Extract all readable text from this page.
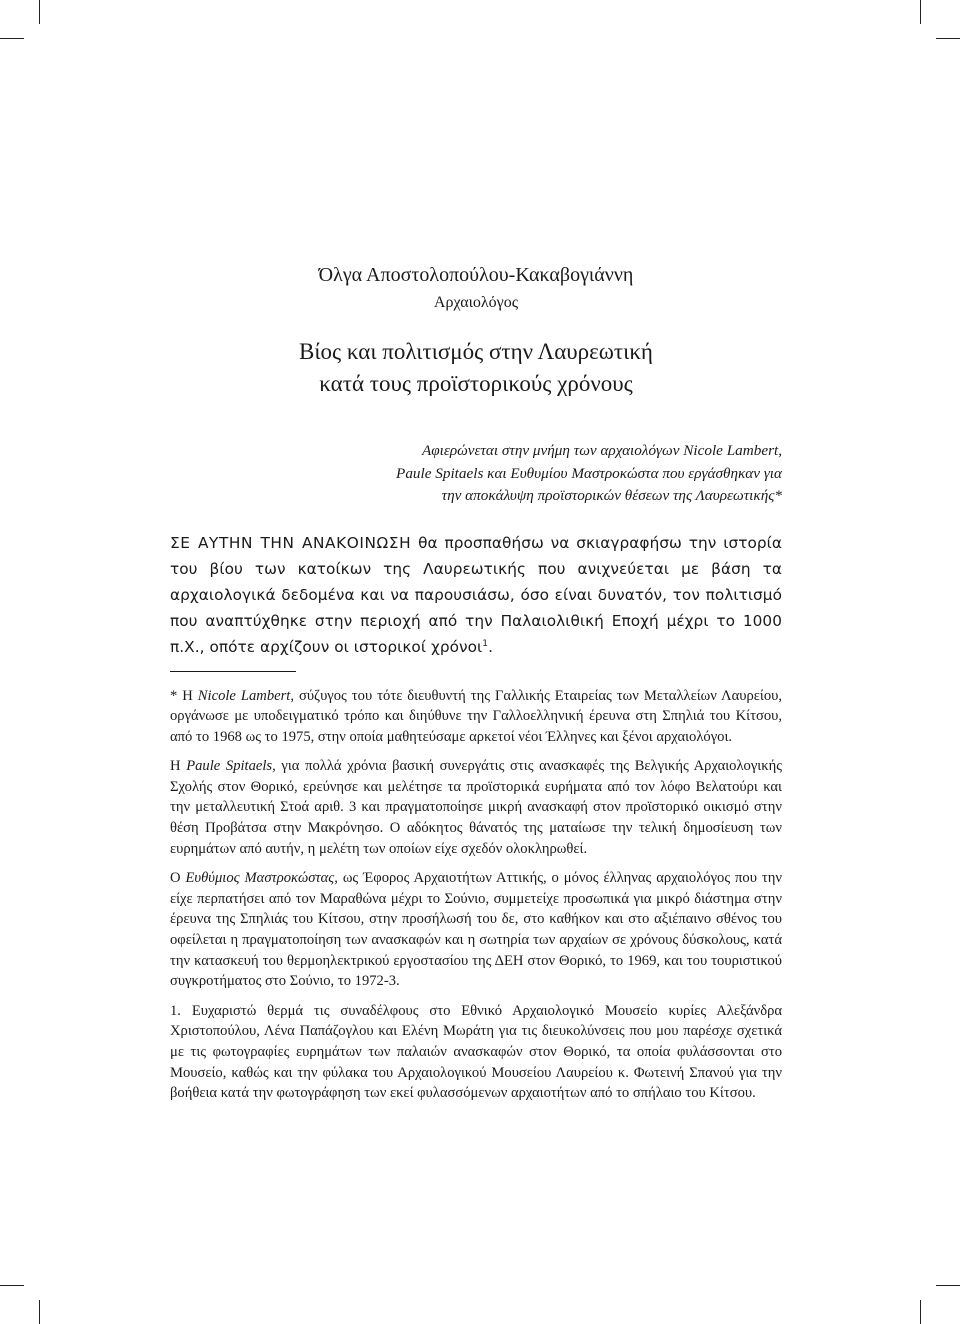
Όλγα Αποστολοπούλου-Κακαβογιάννη

Αρχαιολόγος

Βίος και πολιτισμός στην Λαυρεωτική
κατά τους προϊστορικούς χρόνους
Αφιερώνεται στην μνήμη των αρχαιολόγων Nicole Lambert,
Paule Spitaels και Ευθυμίου Μαστροκώστα που εργάσθηκαν για
την αποκάλυψη προϊστορικών θέσεων της Λαυρεωτικής*

ΣΕ ΑΥΤΗΝ ΤΗΝ ΑΝΑΚΟΙΝΩΣΗ θα προσπαθήσω να σκιαγραφήσω την ιστορία του βίου των κατοίκων της Λαυρεωτικής που ανιχνεύεται με βάση τα αρχαιολογικά δεδομένα και να παρουσιάσω, όσο είναι δυνατόν, τον πολιτισμό που αναπτύχθηκε στην περιοχή από την Παλαιολιθική Εποχή μέχρι το 1000 π.Χ., οπότε αρχίζουν οι ιστορικοί χρόνοι$^1$.

* Η Nicole Lambert, σύζυγος του τότε διευθυντή της Γαλλικής Εταιρείας των Μεταλλείων Λαυρείου, οργάνωσε με υποδειγματικό τρόπο και διηύθυνε την Γαλλοελληνική έρευνα στη Σπηλιά του Κίτσου, από το 1968 ως το 1975, στην οποία μαθητεύσαμε αρκετοί νέοι Έλληνες και ξένοι αρχαιολόγοι.

Η Paule Spitaels, για πολλά χρόνια βασική συνεργάτις στις ανασκαφές της Βελγικής Αρχαιολογικής Σχολής στον Θορικό, ερεύνησε και μελέτησε τα προϊστορικά ευρήματα από τον λόφο Βελατούρι και την μεταλλευτική Στοά αριθ. 3 και πραγματοποίησε μικρή ανασκαφή στον προϊστορικό οικισμό στην θέση Προβάτσα στην Μακρόνησο. Ο αδόκητος θάνατός της ματαίωσε την τελική δημοσίευση των ευρημάτων από αυτήν, η μελέτη των οποίων είχε σχεδόν ολοκληρωθεί.

Ο Ευθύμιος Μαστροκώστας, ως Έφορος Αρχαιοτήτων Αττικής, ο μόνος έλληνας αρχαιολόγος που την είχε περπατήσει από τον Μαραθώνα μέχρι το Σούνιο, συμμετείχε προσωπικά για μικρό διάστημα στην έρευνα της Σπηλιάς του Κίτσου, στην προσήλωσή του δε, στο καθήκον και στο αξιέπαινο σθένος του οφείλεται η πραγματοποίηση των ανασκαφών και η σωτηρία των αρχαίων σε χρόνους δύσκολους, κατά την κατασκευή του θερμοηλεκτρικού εργοστασίου της ΔΕΗ στον Θορικό, το 1969, και του τουριστικού συγκροτήματος στο Σούνιο, το 1972-3.

1. Ευχαριστώ θερμά τις συναδέλφους στο Εθνικό Αρχαιολογικό Μουσείο κυρίες Αλεξάνδρα Χριστοπούλου, Λένα Παπάζογλου και Ελένη Μωράτη για τις διευκολύνσεις που μου παρέσχε σχετικά με τις φωτογραφίες ευρημάτων των παλαιών ανασκαφών στον Θορικό, τα οποία φυλάσσονται στο Μουσείο, καθώς και την φύλακα του Αρχαιολογικού Μουσείου Λαυρείου κ. Φωτεινή Σπανού για την βοήθεια κατά την φωτογράφηση των εκεί φυλασσόμενων αρχαιοτήτων από το σπήλαιο του Κίτσου.
